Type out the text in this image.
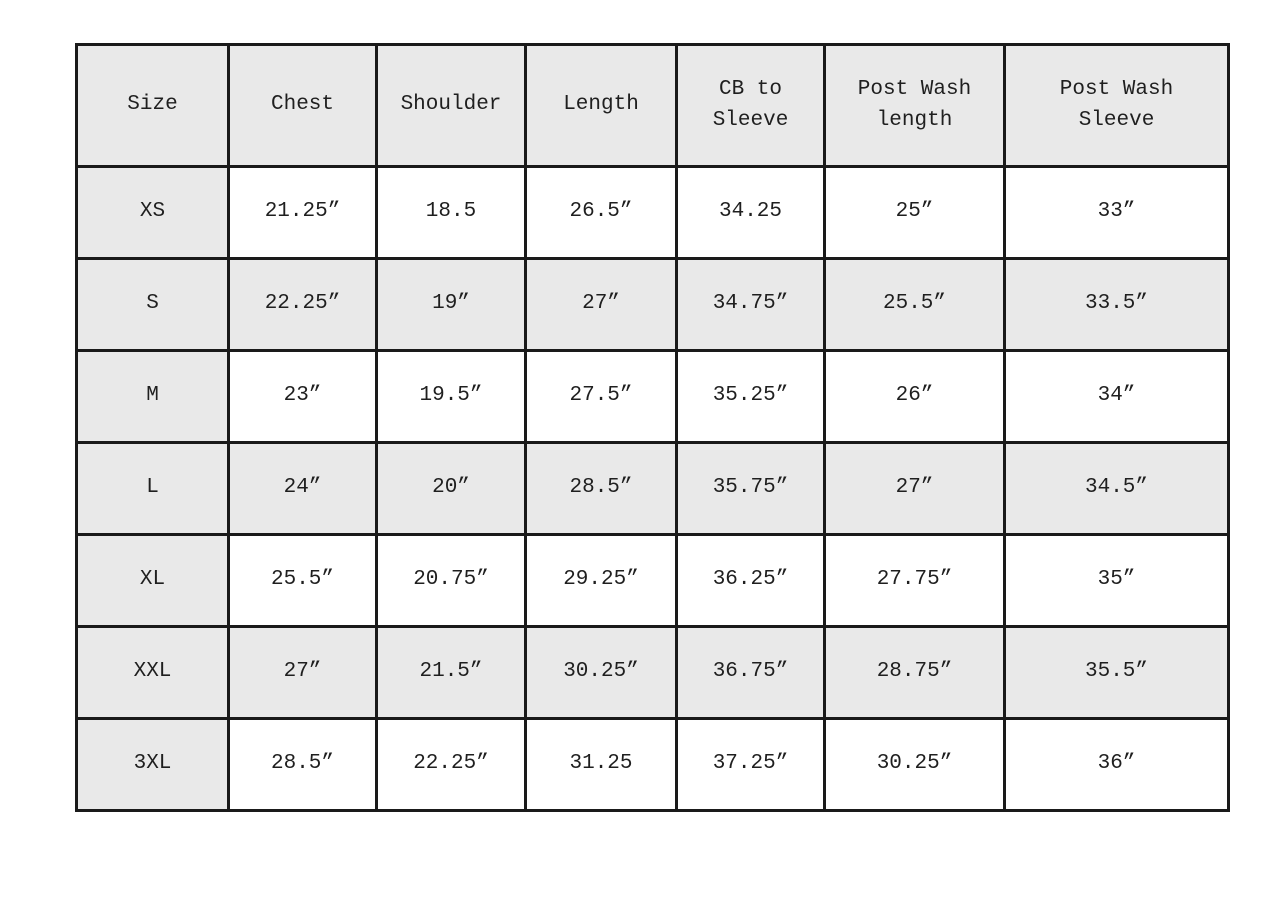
Size	Chest	Shoulder	Length	CB to Sleeve	Post Wash length	Post Wash Sleeve
XS	21.25”	18.5	26.5”	34.25	25”	33”
S	22.25”	19”	27”	34.75”	25.5”	33.5”
M	23”	19.5”	27.5”	35.25”	26”	34”
L	24”	20”	28.5”	35.75”	27”	34.5”
XL	25.5”	20.75”	29.25”	36.25”	27.75”	35”
XXL	27”	21.5”	30.25”	36.75”	28.75”	35.5”
3XL	28.5”	22.25”	31.25	37.25”	30.25”	36”
